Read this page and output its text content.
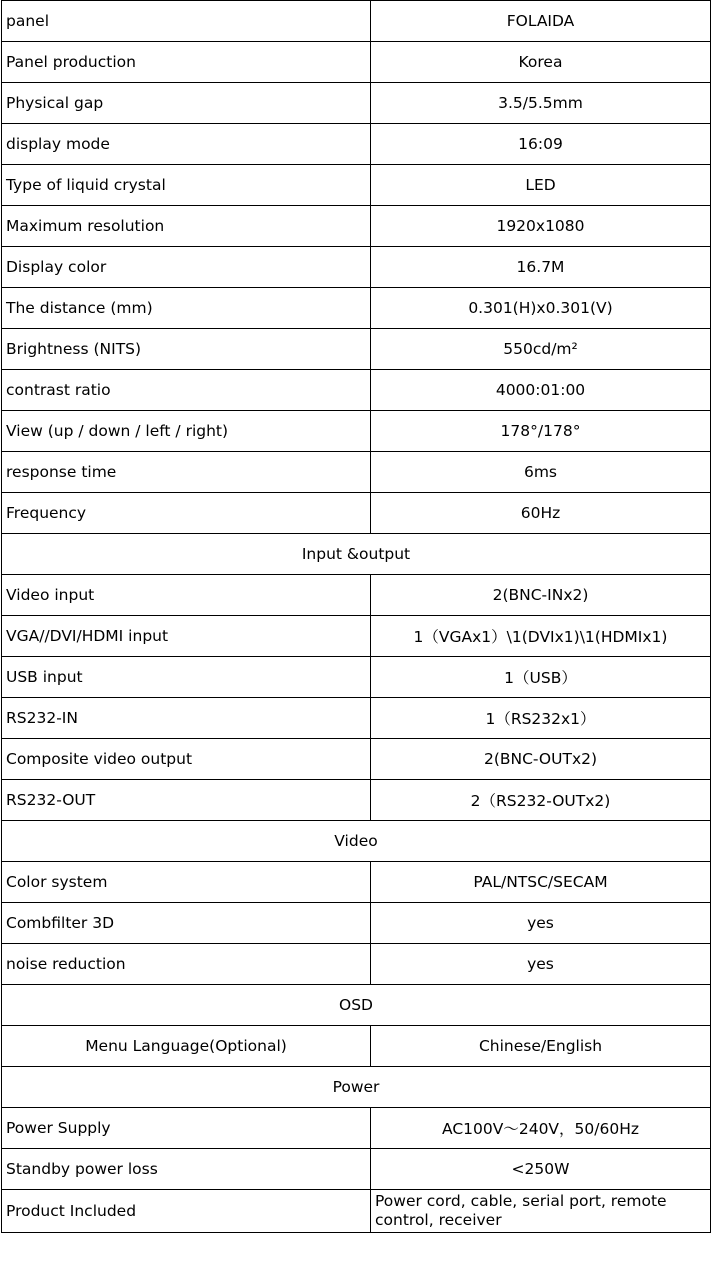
panel	FOLAIDA
Panel production	Korea
Physical gap	3.5/5.5mm
display mode	16:09
Type of liquid crystal	LED
Maximum resolution	1920x1080
Display color	16.7M
The distance (mm)	0.301(H)x0.301(V)
Brightness (NITS)	550cd/m²
contrast ratio	4000:01:00
View (up / down / left / right)	178°/178°
response time	6ms
Frequency	60Hz
Input &output	
Video input	2(BNC-INx2)
VGA//DVI/HDMI input	1（VGAx1）\1(DVIx1)\1(HDMIx1)
USB input	1（USB）
RS232-IN	1（RS232x1）
Composite video output	2(BNC-OUTx2)
RS232-OUT	2（RS232-OUTx2)
Video	
Color system	PAL/NTSC/SECAM
Combfilter 3D	yes
noise reduction	yes
OSD	
Menu Language(Optional)	Chinese/English
Power	
Power Supply	AC100V～240V，50/60Hz
Standby power loss	<250W
Product Included	Power cord, cable, serial port, remote control, receiver
